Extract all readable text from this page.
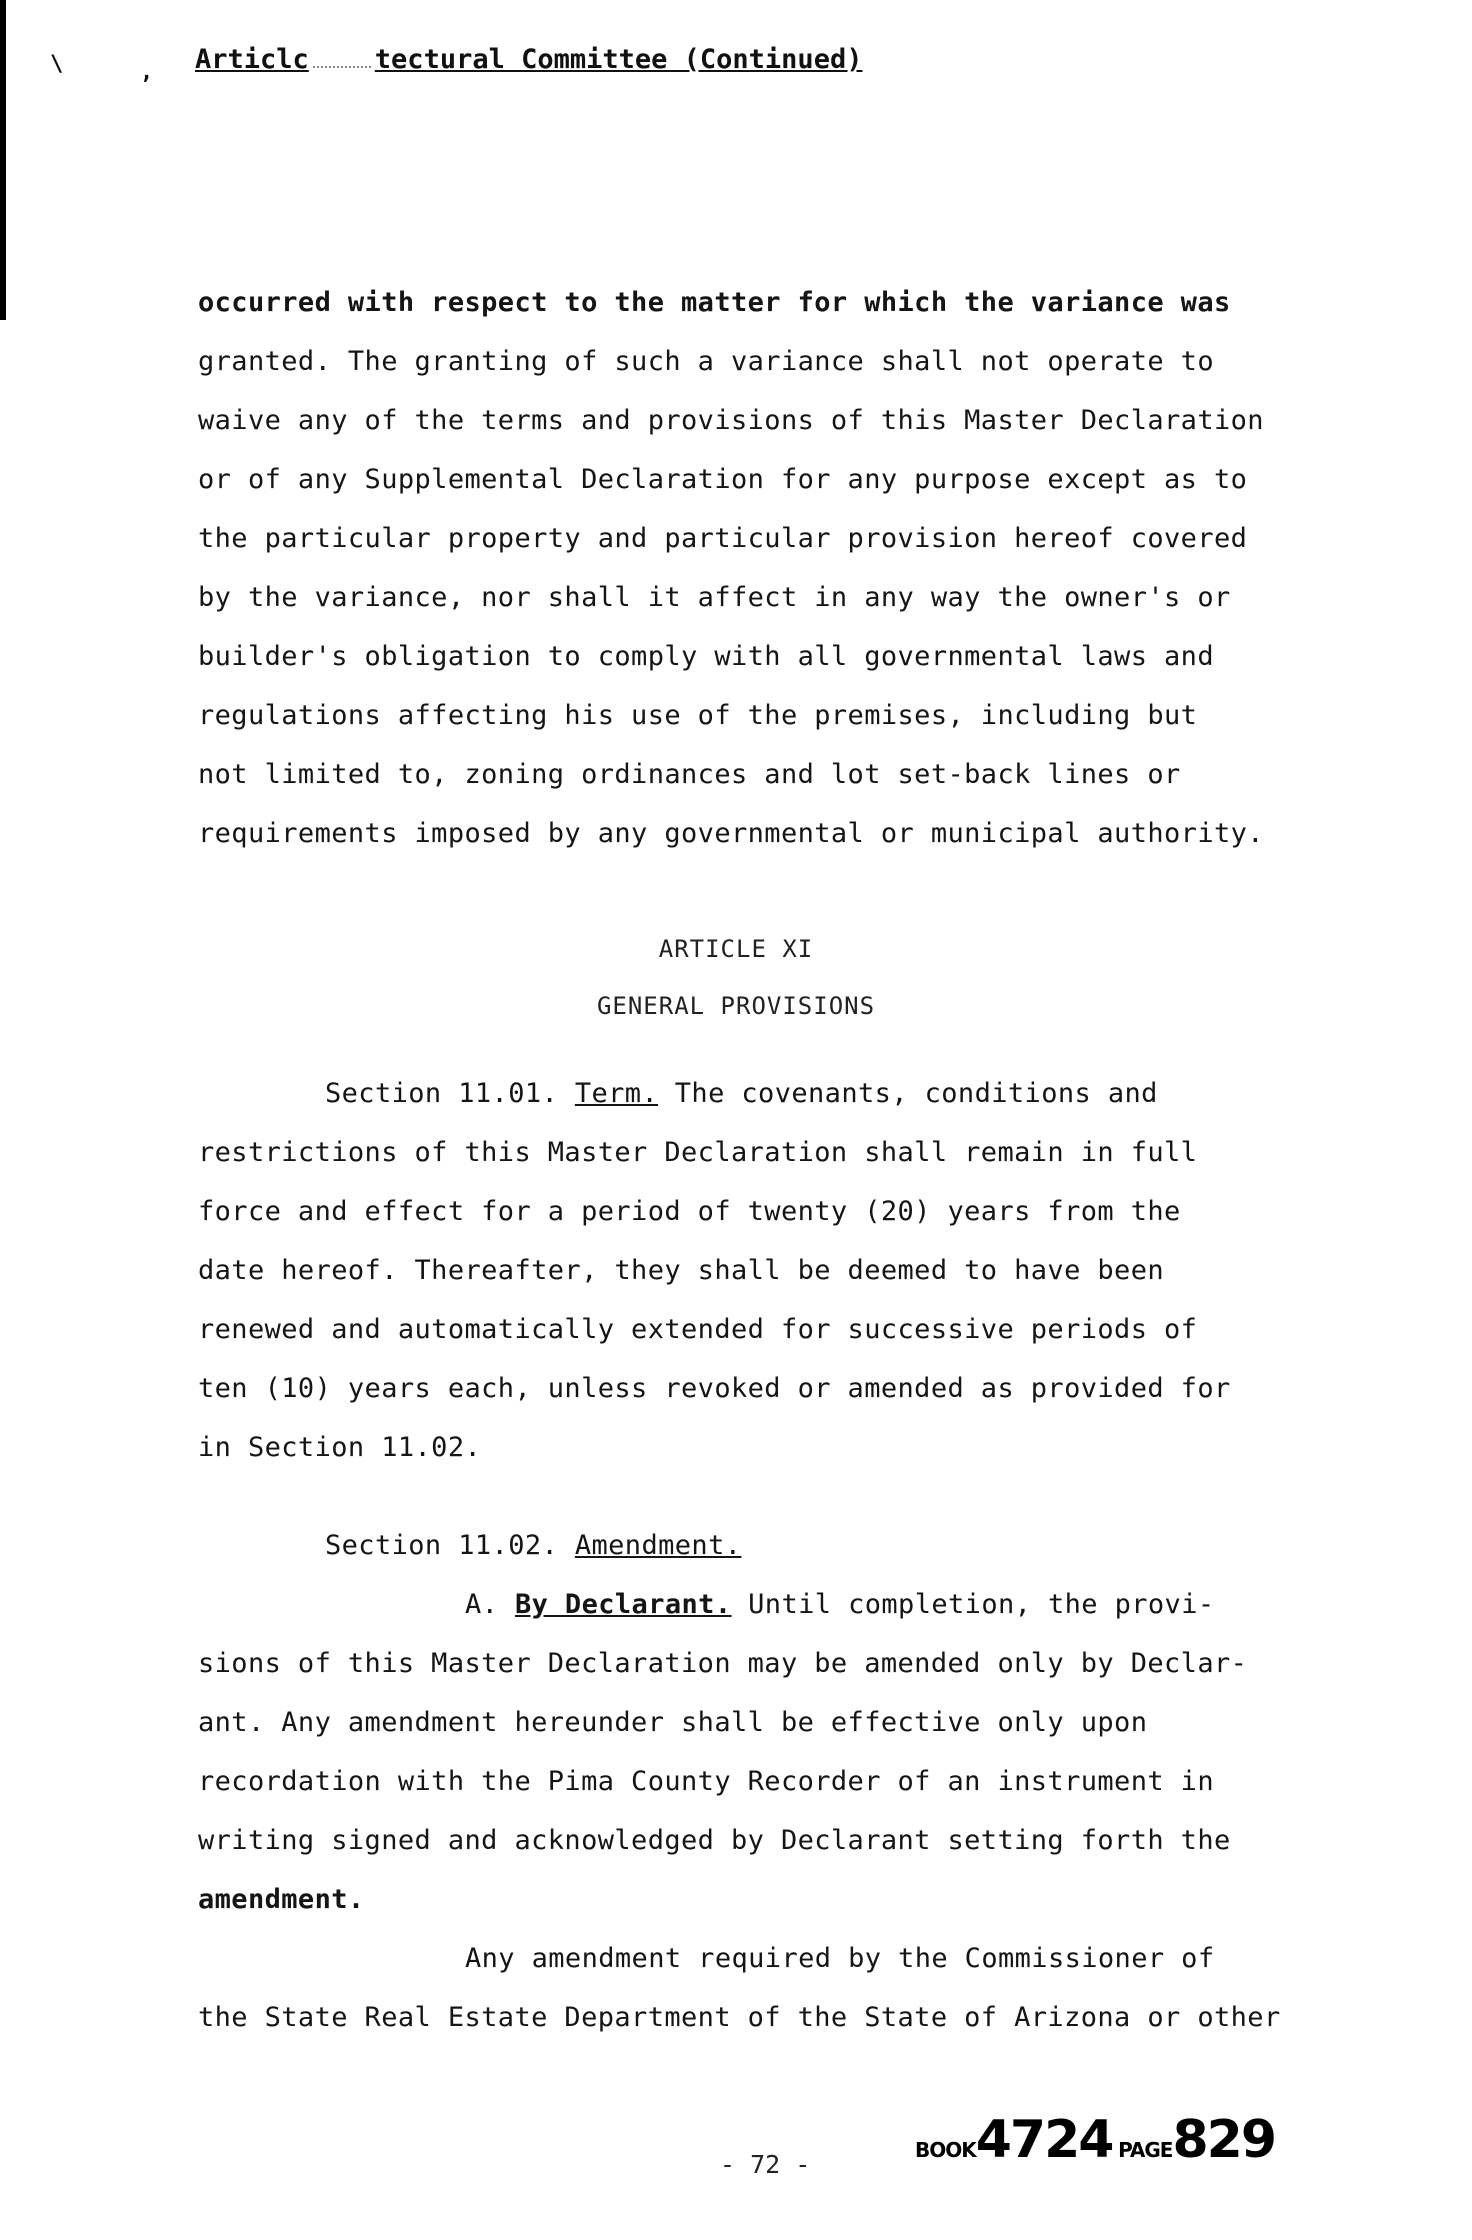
\	, Articlc tectural Committee (Continued)
occurred with respect to the matter for which the variance was
granted. The granting of such a variance shall not operate to
waive any of the terms and provisions of this Master Declaration
or of any Supplemental Declaration for any purpose except as to
the particular property and particular provision hereof covered
by the variance, nor shall it affect in any way the owner's or
builder's obligation to comply with all governmental laws and
regulations affecting his use of the premises, including but
not limited to, zoning ordinances and lot set-back lines or
requirements imposed by any governmental or municipal authority.
ARTICLE XI
GENERAL PROVISIONS
Section 11.01. Term. The covenants, conditions and
restrictions of this Master Declaration shall remain in full
force and effect for a period of twenty (20) years from the
date hereof. Thereafter, they shall be deemed to have been
renewed and automatically extended for successive periods of
ten (10) years each, unless revoked or amended as provided for
in Section 11.02.
Section 11.02. Amendment.
A. By Declarant. Until completion, the provi-
sions of this Master Declaration may be amended only by Declar-
ant. Any amendment hereunder shall be effective only upon
recordation with the Pima County Recorder of an instrument in
writing signed and acknowledged by Declarant setting forth the
amendment.
Any amendment required by the Commissioner of
the State Real Estate Department of the State of Arizona or other
- 72 -	BOOK4724 PAGE829
